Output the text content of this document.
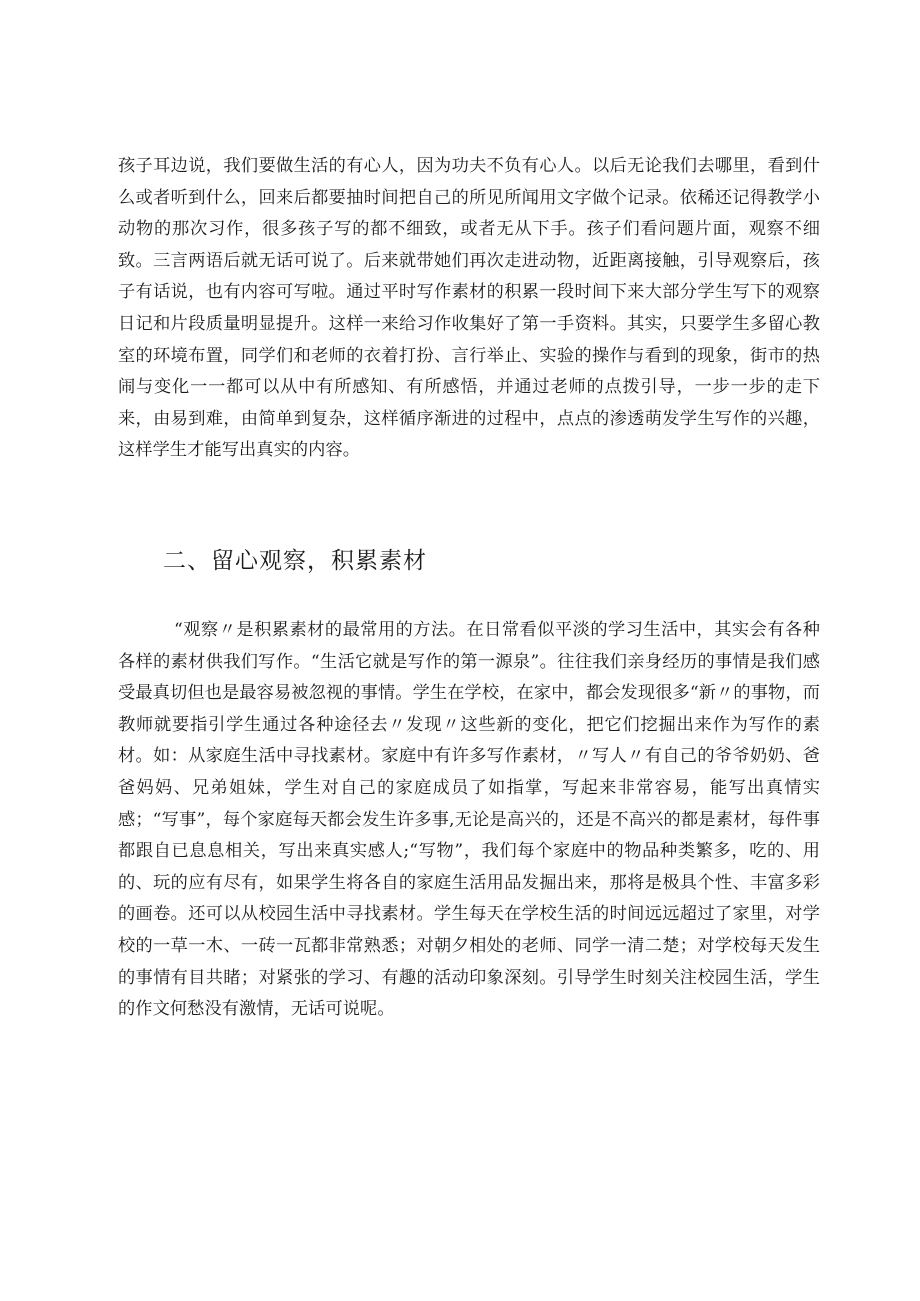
孩子耳边说，我们要做生活的有心人，因为功夫不负有心人。以后无论我们去哪里，看到什么或者听到什么，回来后都要抽时间把自己的所见所闻用文字做个记录。依稀还记得教学小动物的那次习作，很多孩子写的都不细致，或者无从下手。孩子们看问题片面，观察不细致。三言两语后就无话可说了。后来就带她们再次走进动物，近距离接触，引导观察后，孩子有话说，也有内容可写啦。通过平时写作素材的积累一段时间下来大部分学生写下的观察日记和片段质量明显提升。这样一来给习作收集好了第一手资料。其实，只要学生多留心教室的环境布置，同学们和老师的衣着打扮、言行举止、实验的操作与看到的现象，街市的热闹与变化一一都可以从中有所感知、有所感悟，并通过老师的点拨引导，一步一步的走下来，由易到难，由简单到复杂，这样循序渐进的过程中，点点的渗透萌发学生写作的兴趣，这样学生才能写出真实的内容。

二、留心观察，积累素材

“观察〃是积累素材的最常用的方法。在日常看似平淡的学习生活中，其实会有各种各样的素材供我们写作。“生活它就是写作的第一源泉”。往往我们亲身经历的事情是我们感受最真切但也是最容易被忽视的事情。学生在学校，在家中，都会发现很多“新〃的事物，而教师就要指引学生通过各种途径去〃发现〃这些新的变化，把它们挖掘出来作为写作的素材。如：从家庭生活中寻找素材。家庭中有许多写作素材，〃写人〃有自己的爷爷奶奶、爸爸妈妈、兄弟姐妹，学生对自己的家庭成员了如指掌，写起来非常容易，能写出真情实感；“写事”，每个家庭每天都会发生许多事,无论是高兴的，还是不高兴的都是素材，每件事都跟自已息息相关，写出来真实感人;“写物”，我们每个家庭中的物品种类繁多，吃的、用的、玩的应有尽有，如果学生将各自的家庭生活用品发掘出来，那将是极具个性、丰富多彩的画卷。还可以从校园生活中寻找素材。学生每天在学校生活的时间远远超过了家里，对学校的一草一木、一砖一瓦都非常熟悉；对朝夕相处的老师、同学一清二楚；对学校每天发生的事情有目共睹；对紧张的学习、有趣的活动印象深刻。引导学生时刻关注校园生活，学生的作文何愁没有激情，无话可说呢。
